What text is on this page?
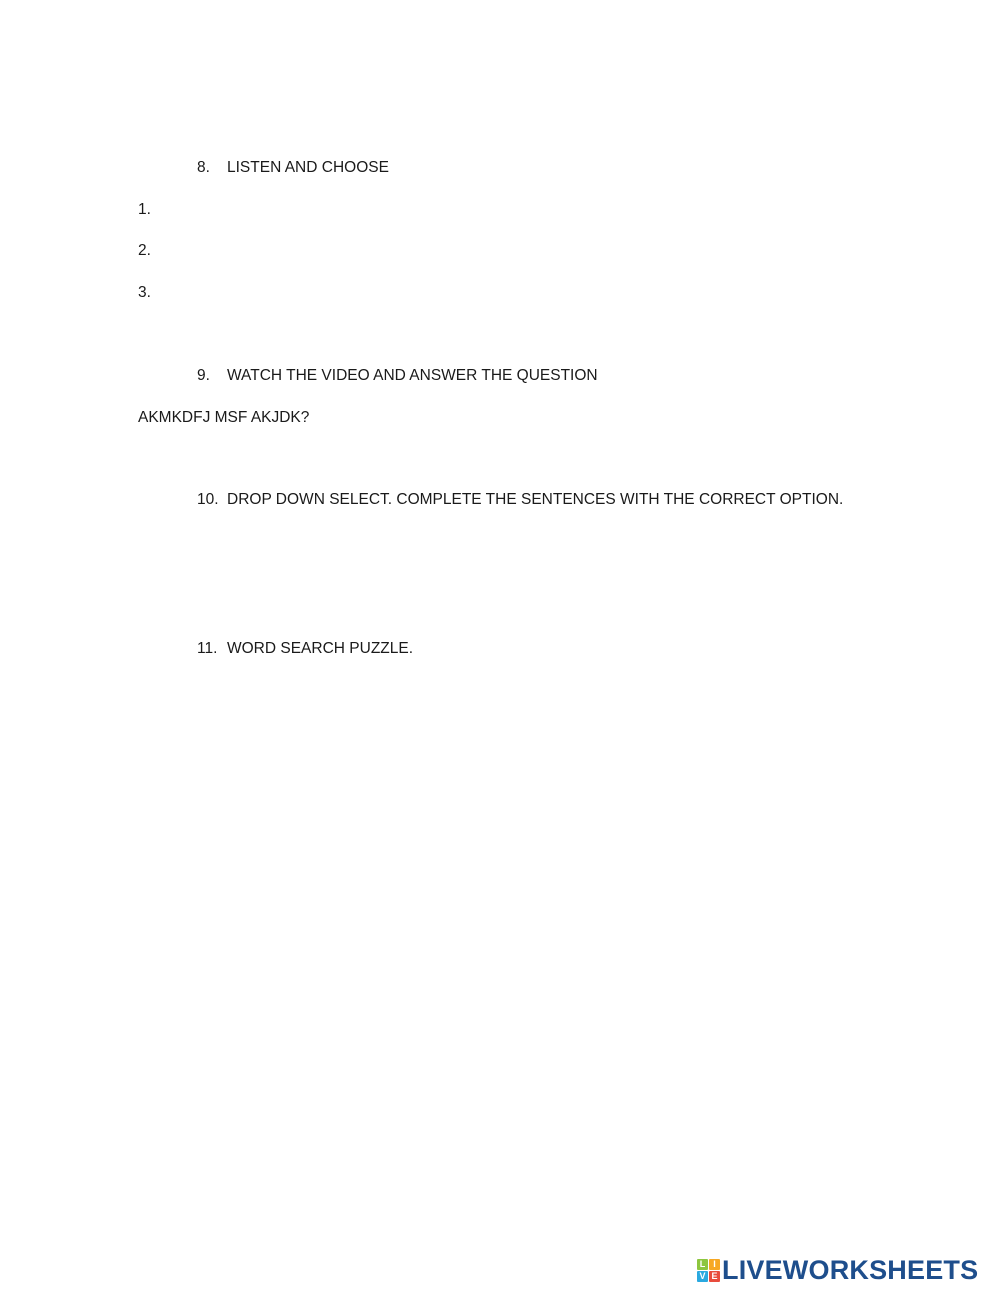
8. LISTEN AND CHOOSE
1.
2.
3.
9. WATCH THE VIDEO AND ANSWER THE QUESTION
AKMKDFJ MSF AKJDK?
10. DROP DOWN SELECT. COMPLETE THE SENTENCES WITH THE CORRECT OPTION.
11. WORD SEARCH PUZZLE.
L I
V E LIVEWORKSHEETS
